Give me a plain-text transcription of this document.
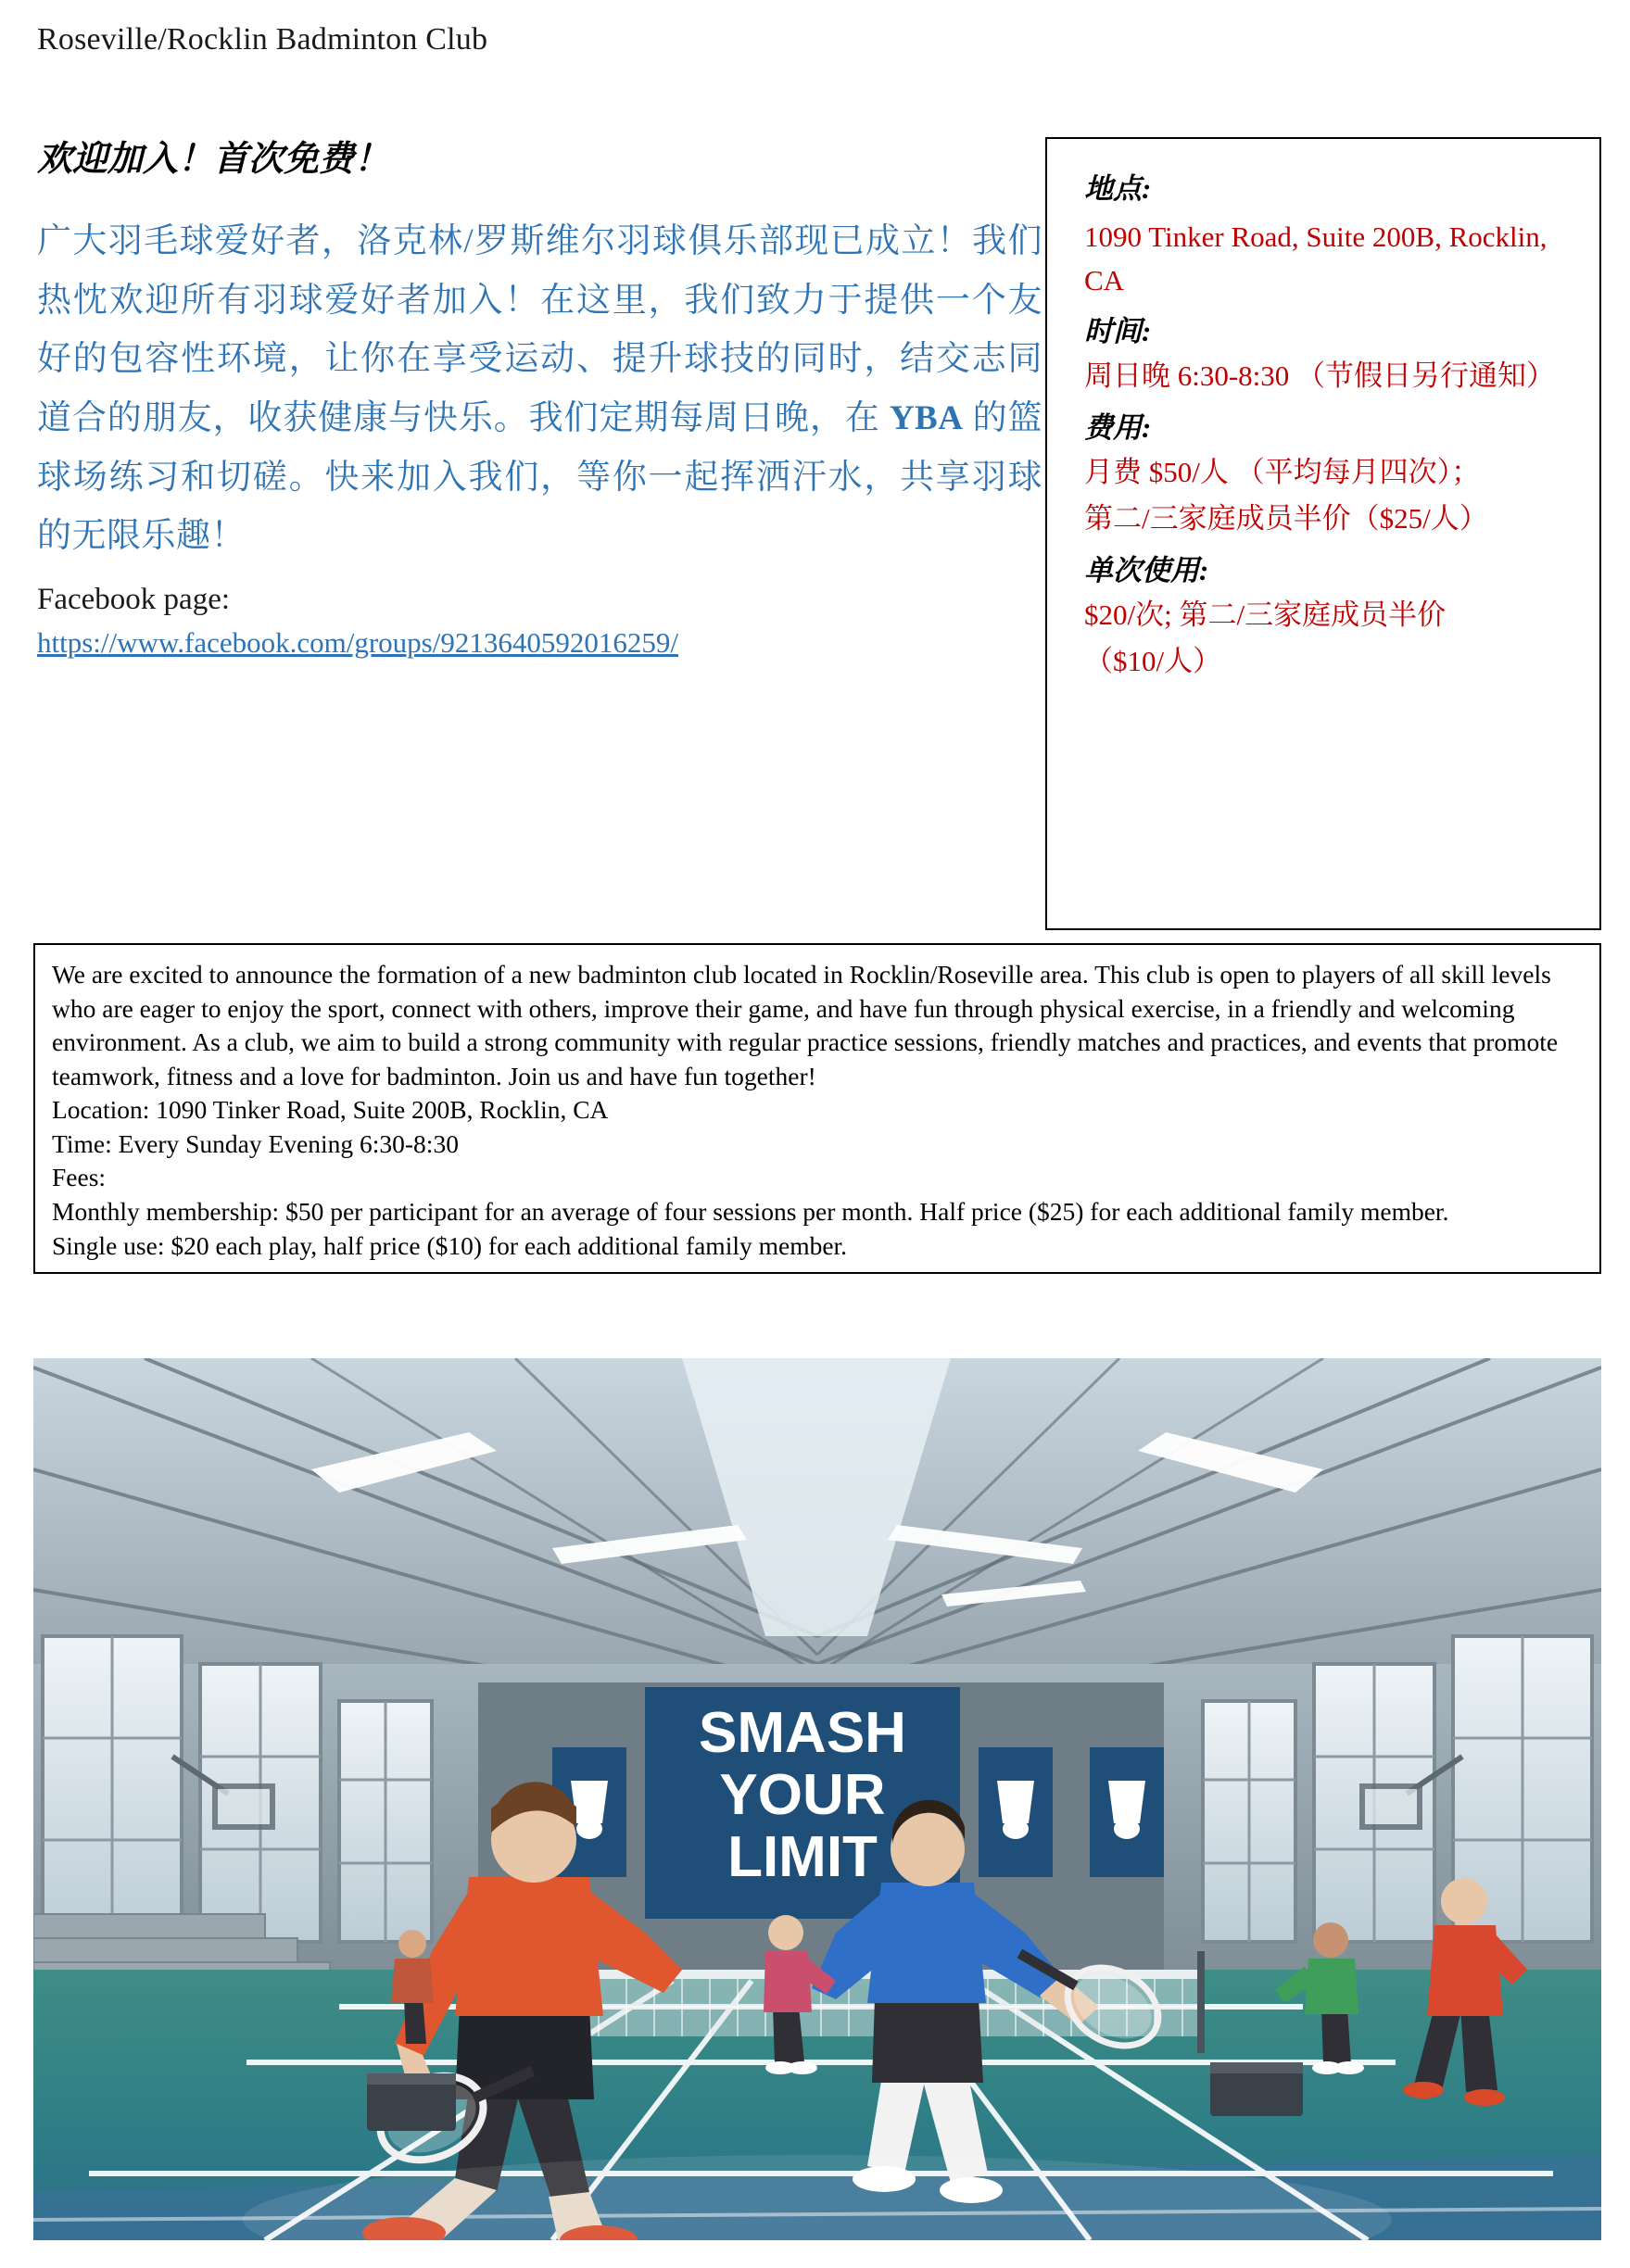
Roseville/Rocklin Badminton Club
欢迎加入！首次免费！

广大羽毛球爱好者，洛克林/罗斯维尔羽球俱乐部现已成立！我们热忱欢迎所有羽球爱好者加入！在这里，我们致力于提供一个友好的包容性环境，让你在享受运动、提升球技的同时，结交志同道合的朋友，收获健康与快乐。我们定期每周日晚，在 YBA 的篮球场练习和切磋。快来加入我们，等你一起挥洒汗水，共享羽球的无限乐趣！

Facebook page:
https://www.facebook.com/groups/9213640592016259/
地点:
1090 Tinker Road, Suite 200B, Rocklin, CA
时间:
周日晚 6:30-8:30 （节假日另行通知）
费用:
月费 $50/人 （平均每月四次）；
第二/三家庭成员半价（$25/人）
单次使用:
$20/次; 第二/三家庭成员半价
（$10/人）

We are excited to announce the formation of a new badminton club located in Rocklin/Roseville area. This club is open to players of all skill levels who are eager to enjoy the sport, connect with others, improve their game, and have fun through physical exercise, in a friendly and welcoming environment. As a club, we aim to build a strong community with regular practice sessions, friendly matches and practices, and events that promote teamwork, fitness and a love for badminton. Join us and have fun together!

Location: 1090 Tinker Road, Suite 200B, Rocklin, CA

Time: Every Sunday Evening 6:30-8:30

Fees:

Monthly membership: $50 per participant for an average of four sessions per month. Half price ($25) for each additional family member.

Single use: $20 each play, half price ($10) for each additional family member.

SMASH
YOUR
LIMIT
